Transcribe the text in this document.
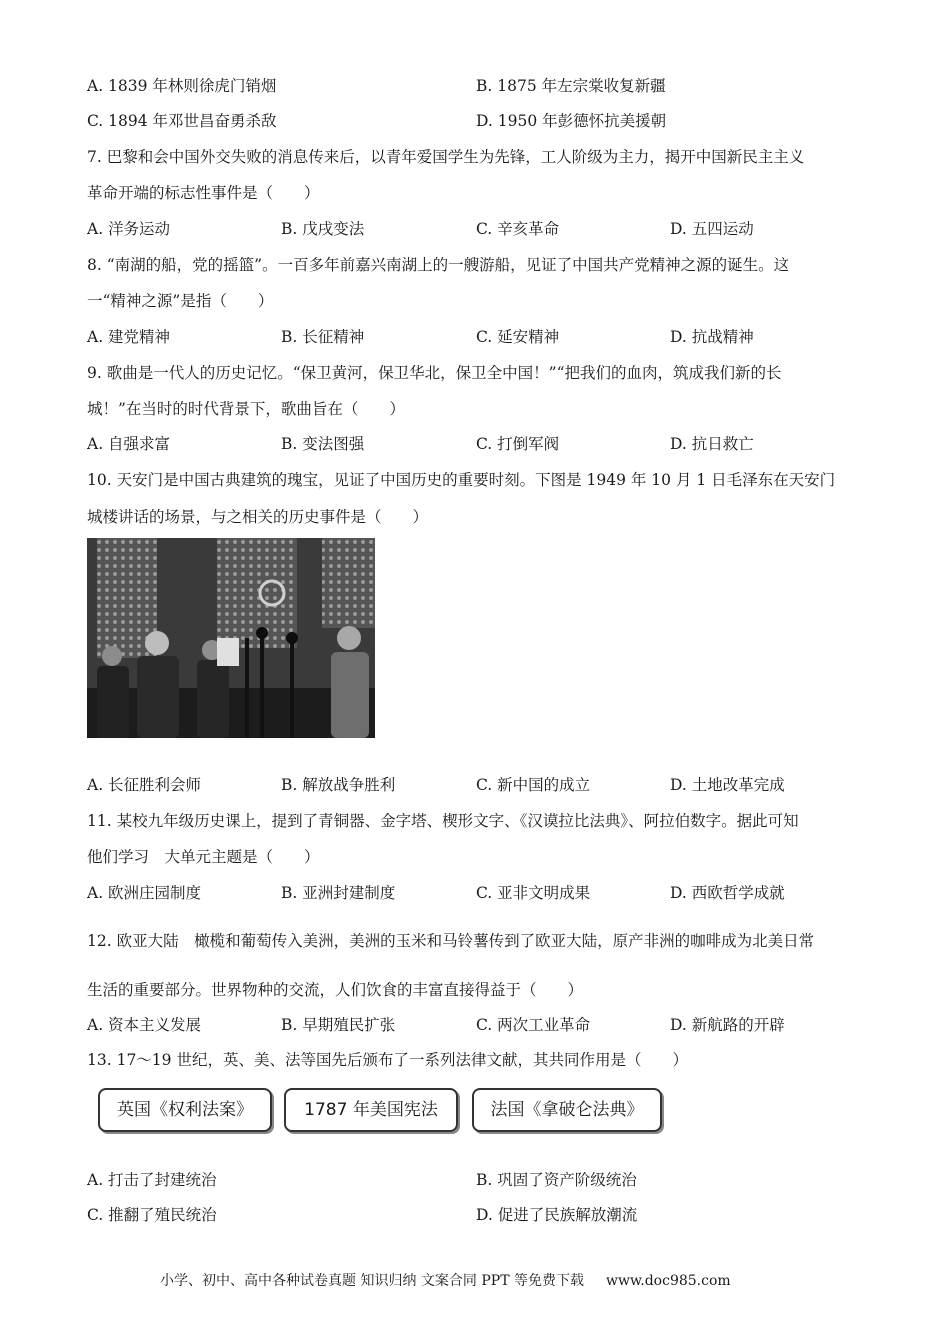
A. 1839 年林则徐虎门销烟	B. 1875 年左宗棠收复新疆
C. 1894 年邓世昌奋勇杀敌	D. 1950 年彭德怀抗美援朝
7. 巴黎和会中国外交失败的消息传来后，以青年爱国学生为先锋，工人阶级为主力，揭开中国新民主主义
革命开端的标志性事件是（　　）
A. 洋务运动	B. 戊戌变法	C. 辛亥革命	D. 五四运动
8. “南湖的船，党的摇篮”。一百多年前嘉兴南湖上的一艘游船，见证了中国共产党精神之源的诞生。这
一“精神之源”是指（　　）
A. 建党精神	B. 长征精神	C. 延安精神	D. 抗战精神
9. 歌曲是一代人的历史记忆。“保卫黄河，保卫华北，保卫全中国！”“把我们的血肉，筑成我们新的长
城！”在当时的时代背景下，歌曲旨在（　　）
A. 自强求富	B. 变法图强	C. 打倒军阀	D. 抗日救亡
10. 天安门是中国古典建筑的瑰宝，见证了中国历史的重要时刻。下图是 1949 年 10 月 1 日毛泽东在天安门
城楼讲话的场景，与之相关的历史事件是（　　）
A. 长征胜利会师	B. 解放战争胜利	C. 新中国的成立	D. 土地改革完成
11. 某校九年级历史课上，提到了青铜器、金字塔、楔形文字、《汉谟拉比法典》、阿拉伯数字。据此可知
他们学习　大单元主题是（　　）
A. 欧洲庄园制度	B. 亚洲封建制度	C. 亚非文明成果	D. 西欧哲学成就
12. 欧亚大陆　橄榄和葡萄传入美洲，美洲的玉米和马铃薯传到了欧亚大陆，原产非洲的咖啡成为北美日常
生活的重要部分。世界物种的交流，人们饮食的丰富直接得益于（　　）
A. 资本主义发展	B. 早期殖民扩张	C. 两次工业革命	D. 新航路的开辟
13. 17～19 世纪，英、美、法等国先后颁布了一系列法律文献，其共同作用是（　　）
英国《权利法案》	1787 年美国宪法	法国《拿破仑法典》
A. 打击了封建统治	B. 巩固了资产阶级统治
C. 推翻了殖民统治	D. 促进了民族解放潮流
小学、初中、高中各种试卷真题 知识归纳 文案合同 PPT 等免费下载 www.doc985.com
